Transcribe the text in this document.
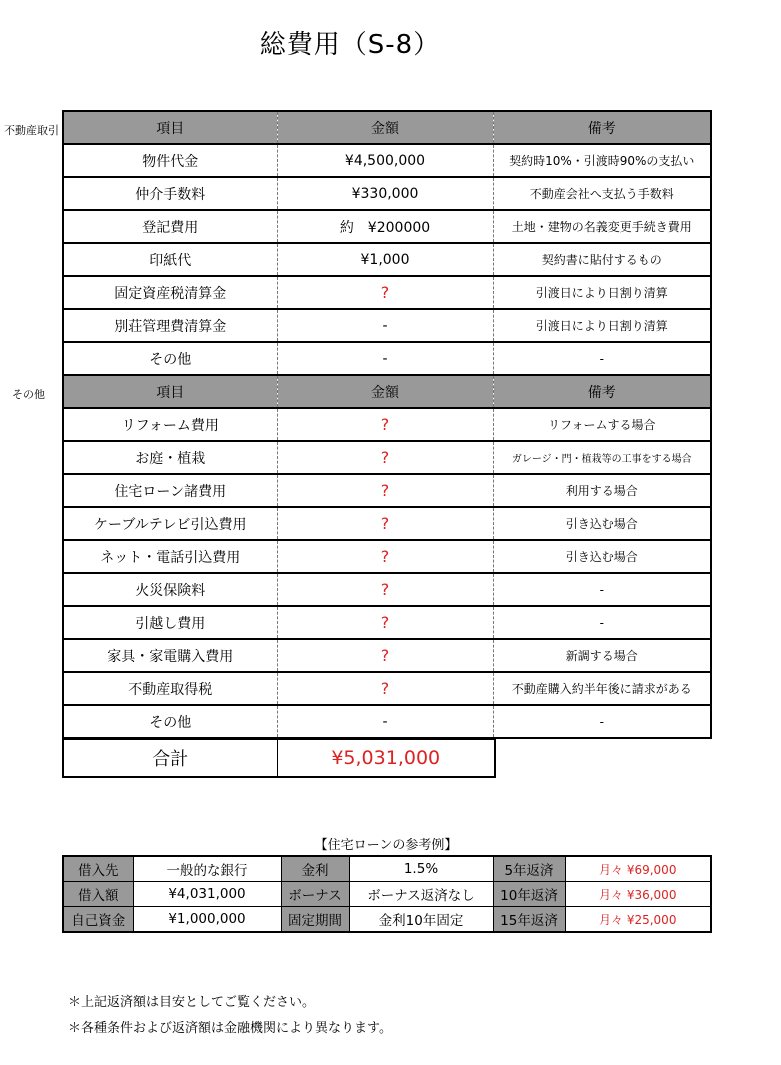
総費用（S-8）
不動産取引
その他
項目	金額	備考
物件代金	¥4,500,000	契約時10%・引渡時90%の支払い
仲介手数料	¥330,000	不動産会社へ支払う手数料
登記費用	約　¥200000	土地・建物の名義変更手続き費用
印紙代	¥1,000	契約書に貼付するもの
固定資産税清算金	?	引渡日により日割り清算
別荘管理費清算金	-	引渡日により日割り清算
その他	-	-
項目	金額	備考
リフォーム費用	?	リフォームする場合
お庭・植栽	?	ガレージ・門・植栽等の工事をする場合
住宅ローン諸費用	?	利用する場合
ケーブルテレビ引込費用	?	引き込む場合
ネット・電話引込費用	?	引き込む場合
火災保険料	?	-
引越し費用	?	-
家具・家電購入費用	?	新調する場合
不動産取得税	?	不動産購入約半年後に請求がある
その他	-	-
合計	¥5,031,000
【住宅ローンの参考例】
借入先	一般的な銀行	金利	1.5%	5年返済	月々 ¥69,000
借入額	¥4,031,000	ボーナス	ボーナス返済なし	10年返済	月々 ¥36,000
自己資金	¥1,000,000	固定期間	金利10年固定	15年返済	月々 ¥25,000
＊上記返済額は目安としてご覧ください。
＊各種条件および返済額は金融機関により異なります。
